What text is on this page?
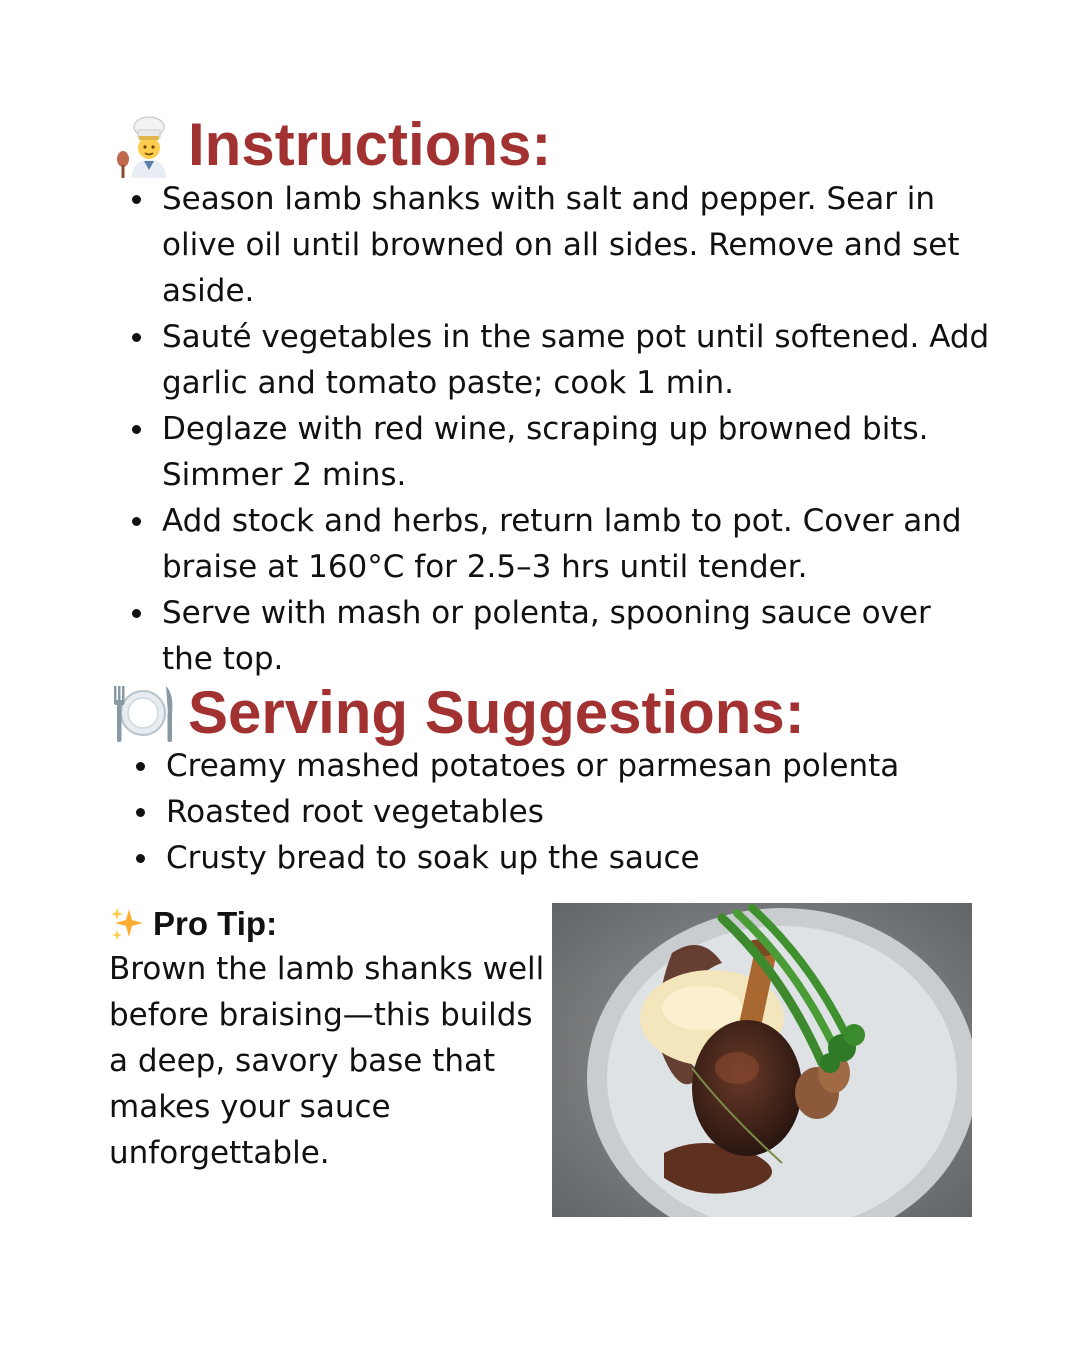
Instructions:
Season lamb shanks with salt and pepper. Sear in olive oil until browned on all sides. Remove and set aside.
Sauté vegetables in the same pot until softened. Add garlic and tomato paste; cook 1 min.
Deglaze with red wine, scraping up browned bits. Simmer 2 mins.
Add stock and herbs, return lamb to pot. Cover and braise at 160°C for 2.5–3 hrs until tender.
Serve with mash or polenta, spooning sauce over the top.
Serving Suggestions:
Creamy mashed potatoes or parmesan polenta
Roasted root vegetables
Crusty bread to soak up the sauce
Pro Tip:
Brown the lamb shanks well before braising—this builds a deep, savory base that makes your sauce unforgettable.
